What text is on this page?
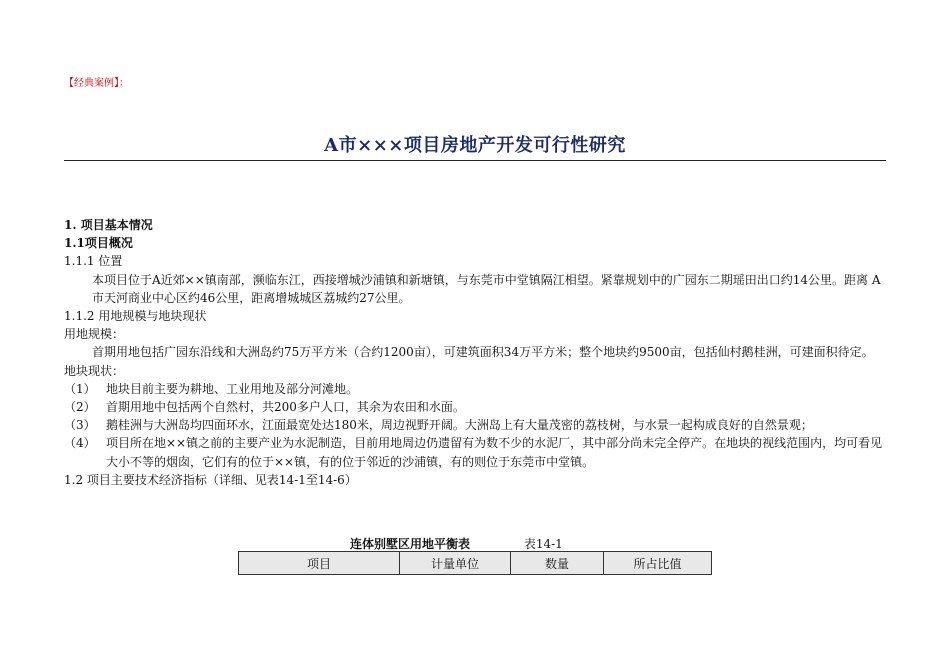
【经典案例】：
A市×××项目房地产开发可行性研究
1. 项目基本情况
1.1项目概况
1.1.1 位置
本项目位于A近郊××镇南部，濒临东江，西接增城沙浦镇和新塘镇，与东莞市中堂镇隔江相望。紧靠规划中的广园东二期瑶田出口约14公里。距离 A市天河商业中心区约46公里，距离增城城区荔城约27公里。
1.1.2 用地规模与地块现状
用地规模：
首期用地包括广园东沿线和大洲岛约75万平方米（合约1200亩），可建筑面积34万平方米；整个地块约9500亩，包括仙村鹅桂洲，可建面积待定。
地块现状：
（1） 地块目前主要为耕地、工业用地及部分河滩地。
（2） 首期用地中包括两个自然村，共200多户人口，其余为农田和水面。
（3） 鹅桂洲与大洲岛均四面环水，江面最宽处达180米，周边视野开阔。大洲岛上有大量茂密的荔枝树，与水景一起构成良好的自然景观；
（4） 项目所在地××镇之前的主要产业为水泥制造，目前用地周边仍遗留有为数不少的水泥厂，其中部分尚未完全停产。在地块的视线范围内，均可看见大小不等的烟囱，它们有的位于××镇，有的位于邻近的沙浦镇，有的则位于东莞市中堂镇。
1.2 项目主要技术经济指标（详细、见表14-1至14-6）
连体别墅区用地平衡表	表14-1
项目	计量单位	数量	所占比值
